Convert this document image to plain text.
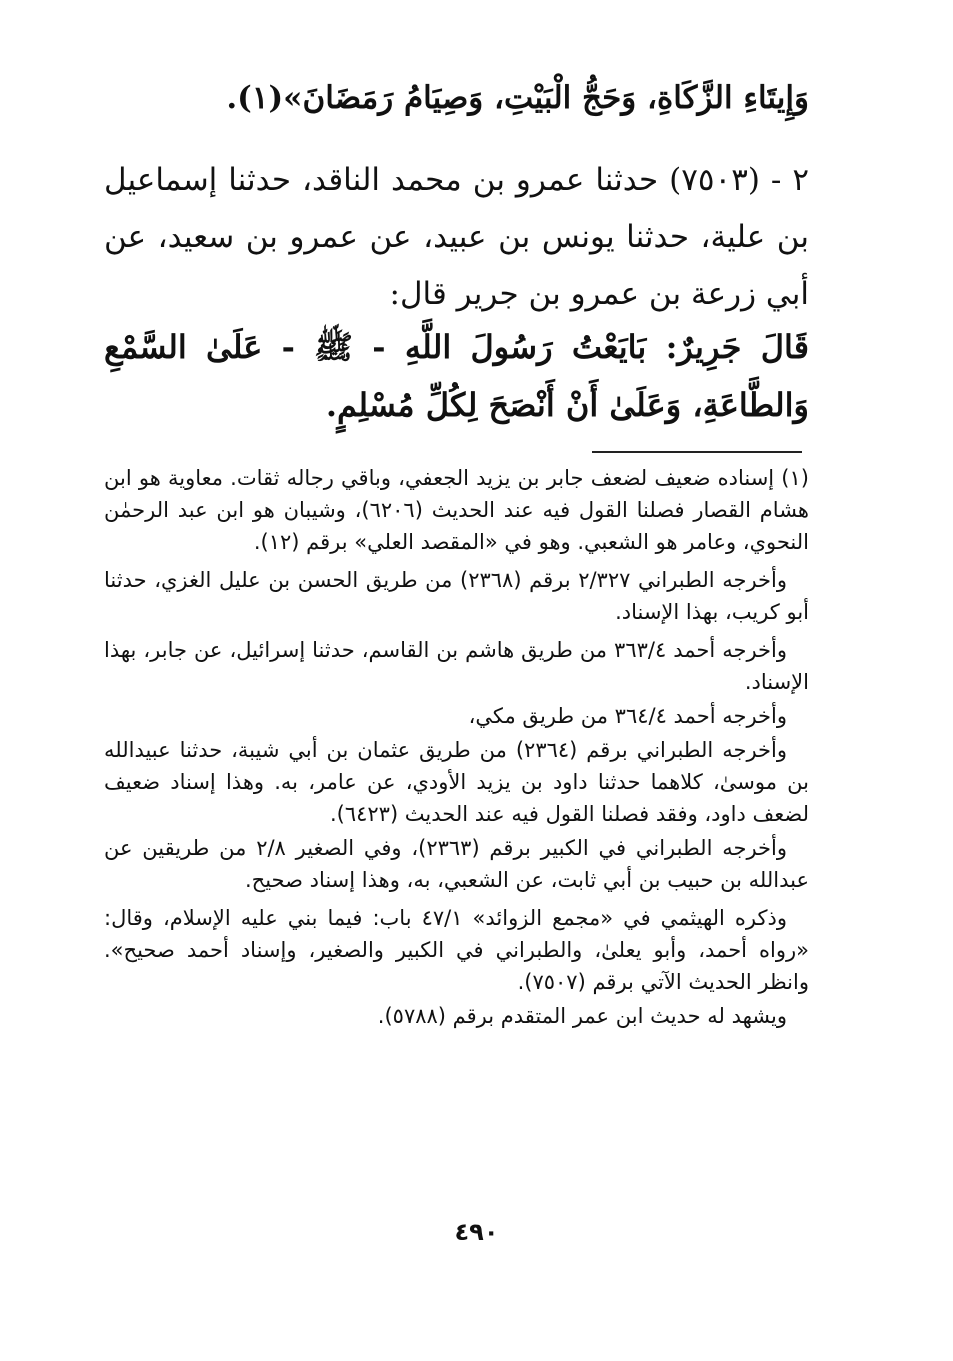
وَإِيتَاءِ الزَّكَاةِ، وَحَجُّ الْبَيْتِ، وَصِيَامُ رَمَضَانَ»(١).

٢ - (٧٥٠٣) حدثنا عمرو بن محمد الناقد، حدثنا إسماعيل بن علية، حدثنا يونس بن عبيد، عن عمرو بن سعيد، عن أبي زرعة بن عمرو بن جرير قال:

قَالَ جَرِيرٌ: بَايَعْتُ رَسُولَ اللَّهِ - ﷺ - عَلَىٰ السَّمْعِ وَالطَّاعَةِ، وَعَلَىٰ أَنْ أَنْصَحَ لِكُلِّ مُسْلِمٍ.

(١) إسناده ضعيف لضعف جابر بن يزيد الجعفي، وباقي رجاله ثقات. معاوية هو ابن هشام القصار فصلنا القول فيه عند الحديث (٦٢٠٦)، وشيبان هو ابن عبد الرحمٰن النحوي، وعامر هو الشعبي. وهو في «المقصد العلي» برقم (١٢).

وأخرجه الطبراني ٢/٣٢٧ برقم (٢٣٦٨) من طريق الحسن بن عليل الغزي، حدثنا أبو كريب، بهذا الإسناد.

وأخرجه أحمد ٣٦٣/٤ من طريق هاشم بن القاسم، حدثنا إسرائيل، عن جابر، بهذا الإسناد.

وأخرجه أحمد ٣٦٤/٤ من طريق مكي،

وأخرجه الطبراني برقم (٢٣٦٤) من طريق عثمان بن أبي شيبة، حدثنا عبيدالله بن موسىٰ، كلاهما حدثنا داود بن يزيد الأودي، عن عامر، به. وهذا إسناد ضعيف لضعف داود، وفقد فصلنا القول فيه عند الحديث (٦٤٢٣).

وأخرجه الطبراني في الكبير برقم (٢٣٦٣)، وفي الصغير ٢/٨ من طريقين عن عبدالله بن حبيب بن أبي ثابت، عن الشعبي، به، وهذا إسناد صحيح.

وذكره الهيثمي في «مجمع الزوائد» ٤٧/١ باب: فيما بني عليه الإسلام، وقال: «رواه أحمد، وأبو يعلىٰ، والطبراني في الكبير والصغير، وإسناد أحمد صحيح». وانظر الحديث الآتي برقم (٧٥٠٧).

ويشهد له حديث ابن عمر المتقدم برقم (٥٧٨٨).

٤٩٠
